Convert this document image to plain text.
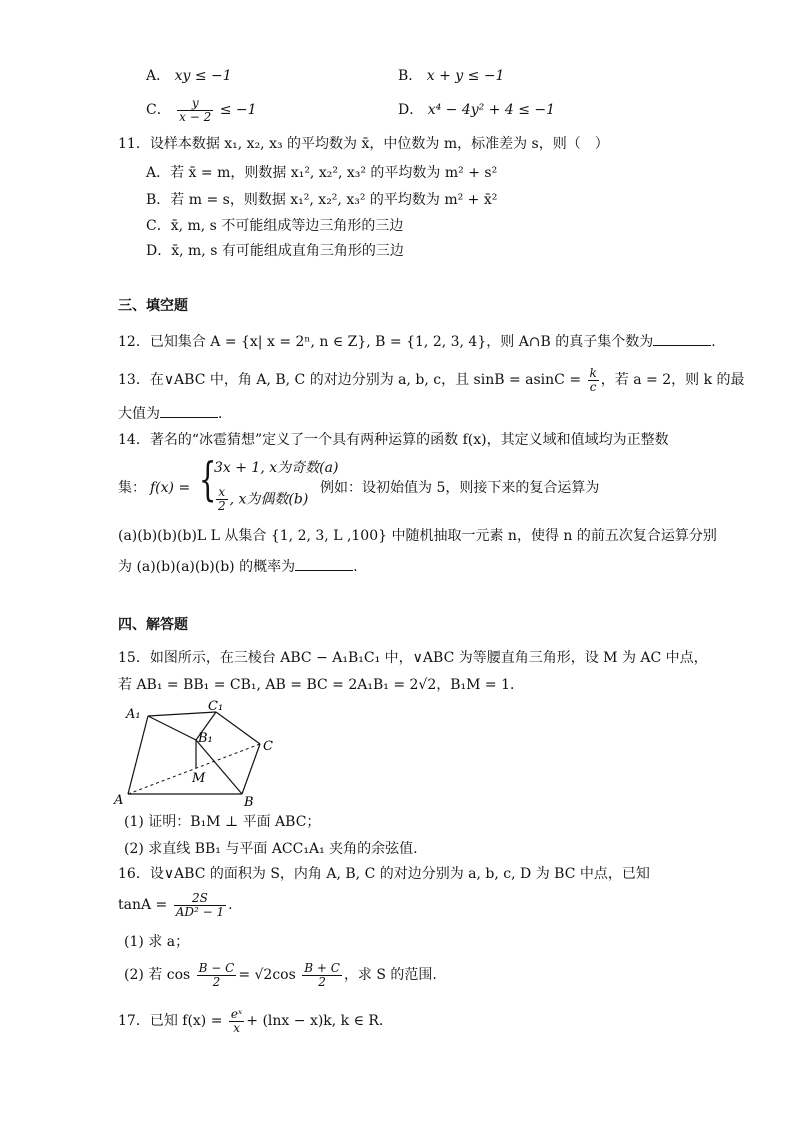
A． xy ≤ −1	B． x + y ≤ −1
C． $\frac{y}{x - 2} \le -1$	D． x⁴ − 4y² + 4 ≤ −1
11．设样本数据 x₁, x₂, x₃ 的平均数为 x̄，中位数为 m，标准差为 s，则（　）
A．若 x̄ = m，则数据 x₁², x₂², x₃² 的平均数为 m² + s²
B．若 m = s，则数据 x₁², x₂², x₃² 的平均数为 m² + x̄²
C．x̄, m, s 不可能组成等边三角形的三边
D．x̄, m, s 有可能组成直角三角形的三边
三、填空题
12．已知集合 A = {x| x = 2ⁿ, n ∈ Z}, B = {1, 2, 3, 4}，则 A∩B 的真子集个数为	.
13．在∨ABC 中，角 A, B, C 的对边分别为 a, b, c，且 $\sin B = asinC = \frac{k}{c}$ ，若 a = 2，则 k 的最
大值为	.
14．著名的“冰雹猜想”定义了一个具有两种运算的函数 f(x)，其定义域和值域均为正整数
集： f(x) = {
3x + 1, x为奇数(a)
$\frac{x}{2}$ , x为偶数(b)
例如：设初始值为 5，则接下来的复合运算为
(a)(b)(b)(b)L L 从集合 {1, 2, 3, L ,100} 中随机抽取一元素 n，使得 n 的前五次复合运算分别
为 (a)(b)(a)(b)(b) 的概率为	.
四、解答题
15．如图所示，在三棱台 ABC − A₁B₁C₁ 中，∨ABC 为等腰直角三角形，设 M 为 AC 中点，
若 AB₁ = BB₁ = CB₁, AB = BC = 2A₁B₁ = 2√2，B₁M = 1．
C₁
A₁
B₁
C
M
A	B
(1) 证明：B₁M ⊥ 平面 ABC；
(2) 求直线 BB₁ 与平面 ACC₁A₁ 夹角的余弦值.
16．设∨ABC 的面积为 S，内角 A, B, C 的对边分别为 a, b, c, D 为 BC 中点，已知
$\tan A = \frac{2S}{\text{AD² − 1}}$ .
(1) 求 a；
(2) 若 $\cos \frac{B - C}{2} = √2\cos \frac{B + C}{2}$ ，求 S 的范围.
17．已知 $f(x) = \frac{\text{eˣ}}{x} + (\ln x - x)k$, k ∈ R．
